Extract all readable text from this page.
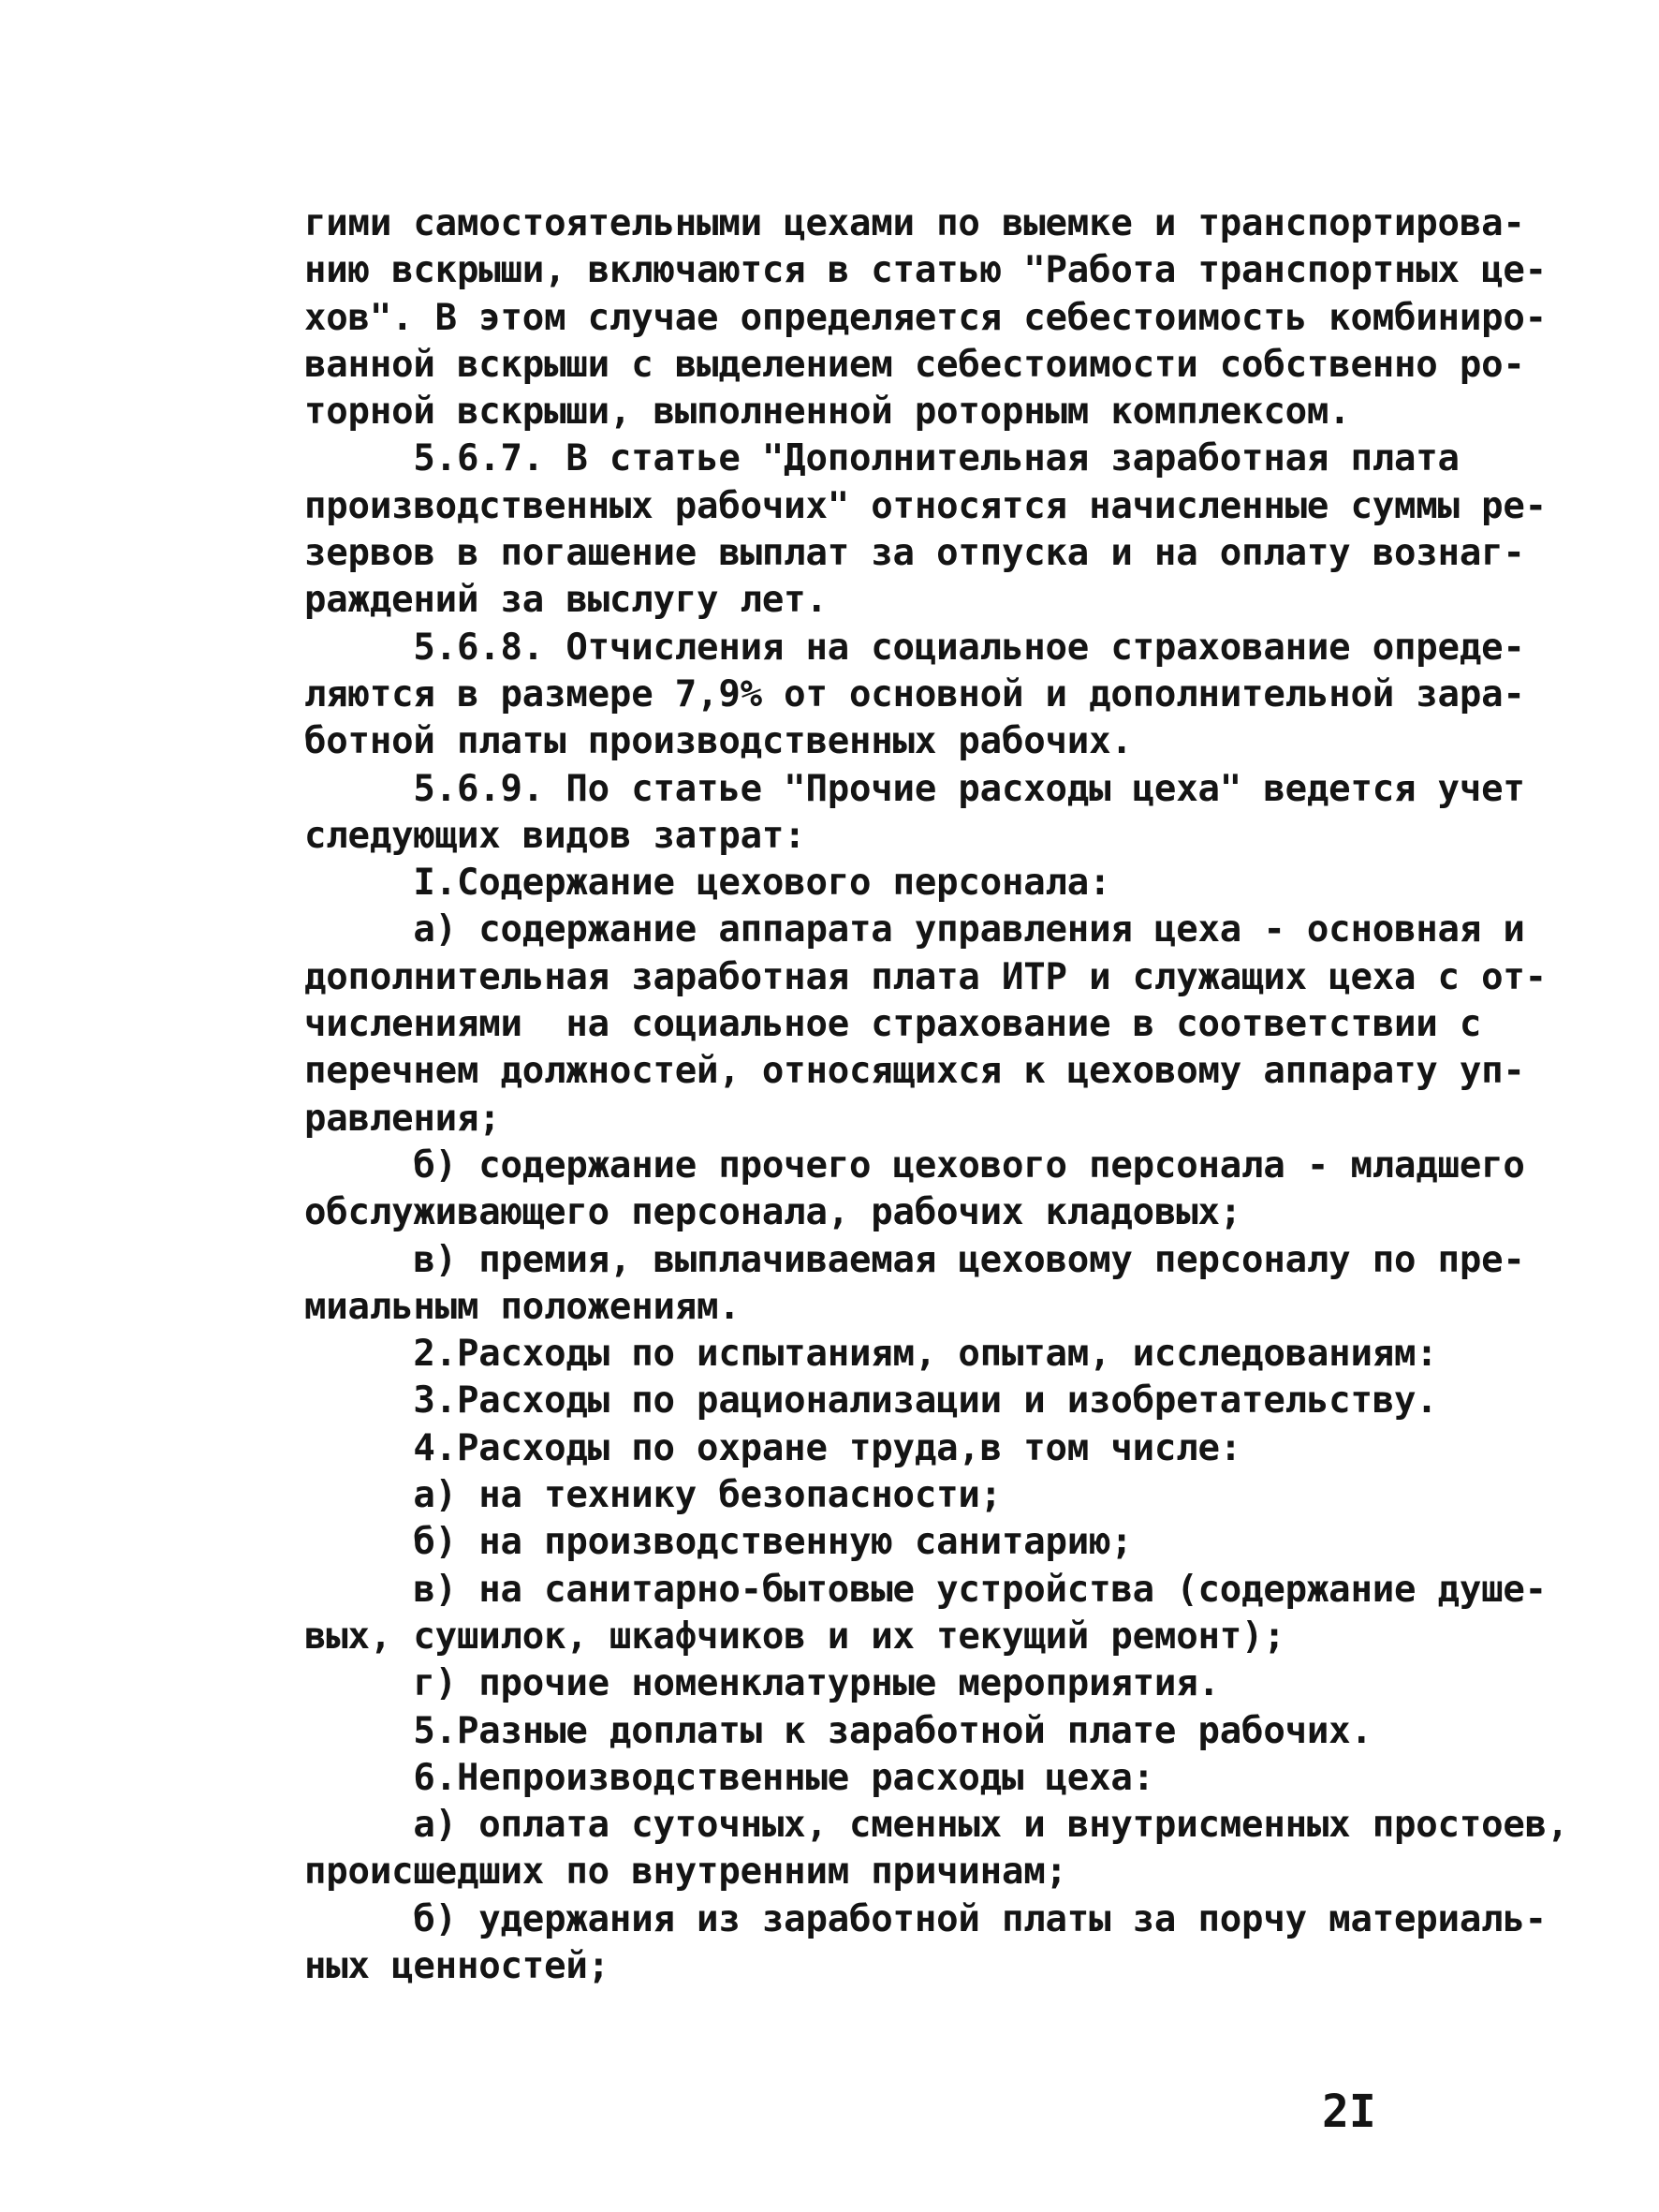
гими самостоятельными цехами по выемке и транспортирова-
нию вскрыши, включаются в статью "Работа транспортных це-
хов". В этом случае определяется себестоимость комбиниро-
ванной вскрыши с выделением себестоимости собственно ро-
торной вскрыши, выполненной роторным комплексом.
5.6.7. В статье "Дополнительная заработная плата
производственных рабочих" относятся начисленные суммы ре-
зервов в погашение выплат за отпуска и на оплату вознаг-
раждений за выслугу лет.
5.6.8. Отчисления на социальное страхование опреде-
ляются в размере 7,9% от основной и дополнительной зара-
ботной платы производственных рабочих.
5.6.9. По статье "Прочие расходы цеха" ведется учет
следующих видов затрат:
I.Содержание цехового персонала:
а) содержание аппарата управления цеха - основная и
дополнительная заработная плата ИТР и служащих цеха с от-
числениями  на социальное страхование в соответствии с
перечнем должностей, относящихся к цеховому аппарату уп-
равления;
б) содержание прочего цехового персонала - младшего
обслуживающего персонала, рабочих кладовых;
в) премия, выплачиваемая цеховому персоналу по пре-
миальным положениям.
2.Расходы по испытаниям, опытам, исследованиям:
3.Расходы по рационализации и изобретательству.
4.Расходы по охране труда,в том числе:
а) на технику безопасности;
б) на производственную санитарию;
в) на санитарно-бытовые устройства (содержание душе-
вых, сушилок, шкафчиков и их текущий ремонт);
г) прочие номенклатурные мероприятия.
5.Разные доплаты к заработной плате рабочих.
6.Непроизводственные расходы цеха:
а) оплата суточных, сменных и внутрисменных простоев,
происшедших по внутренним причинам;
б) удержания из заработной платы за порчу материаль-
ных ценностей;
2I
